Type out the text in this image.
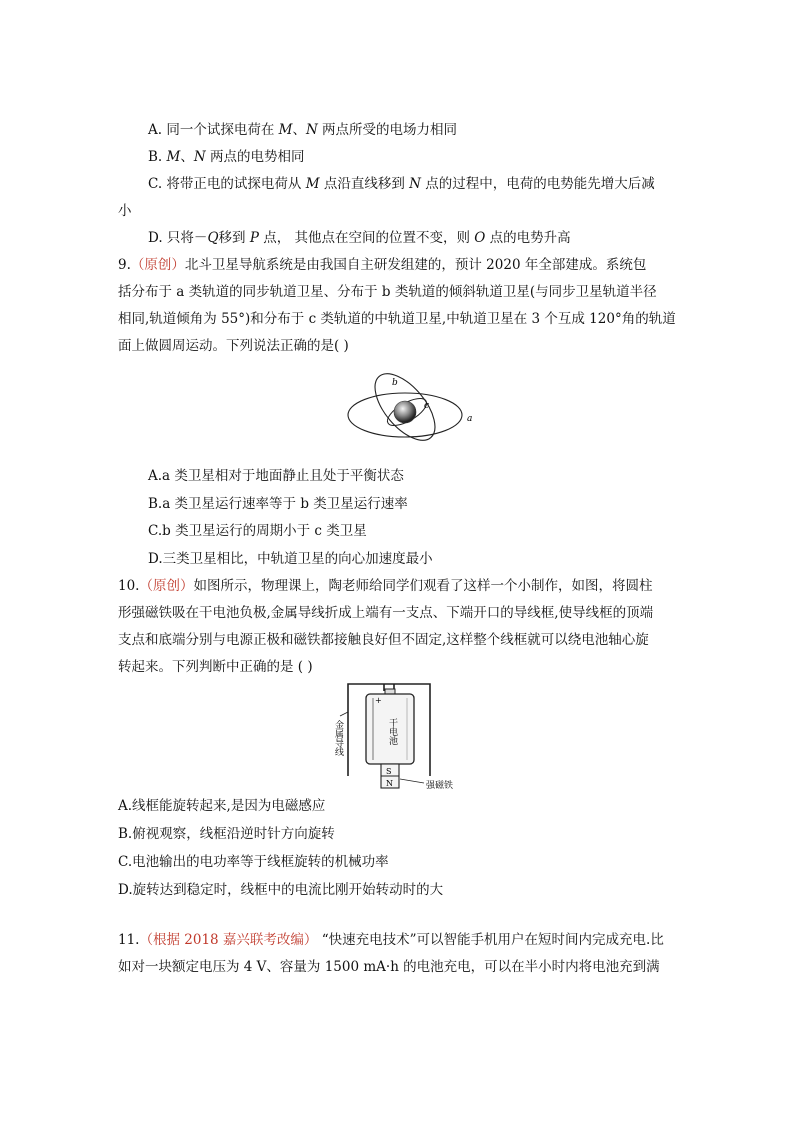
A. 同一个试探电荷在 M、N 两点所受的电场力相同
B. M、N 两点的电势相同
C. 将带正电的试探电荷从 M 点沿直线移到 N 点的过程中，电荷的电势能先增大后减
小
D. 只将－Q移到 P 点， 其他点在空间的位置不变，则 O 点的电势升高
9.（原创）北斗卫星导航系统是由我国自主研发组建的，预计 2020 年全部建成。系统包
括分布于 a 类轨道的同步轨道卫星、分布于 b 类轨道的倾斜轨道卫星(与同步卫星轨道半径
相同,轨道倾角为 55°)和分布于 c 类轨道的中轨道卫星,中轨道卫星在 3 个互成 120°角的轨道
面上做圆周运动。下列说法正确的是( )
b
c
a
A.a 类卫星相对于地面静止且处于平衡状态
B.a 类卫星运行速率等于 b 类卫星运行速率
C.b 类卫星运行的周期小于 c 类卫星
D.三类卫星相比，中轨道卫星的向心加速度最小
10.（原创）如图所示，物理课上，陶老师给同学们观看了这样一个小制作，如图，将圆柱
形强磁铁吸在干电池负极,金属导线折成上端有一支点、下端开口的导线框,使导线框的顶端
支点和底端分别与电源正极和磁铁都接触良好但不固定,这样整个线框就可以绕电池轴心旋
转起来。下列判断中正确的是 ( )
+
干电池
S
N
金属导线
强磁铁
A.线框能旋转起来,是因为电磁感应
B.俯视观察，线框沿逆时针方向旋转
C.电池输出的电功率等于线框旋转的机械功率
D.旋转达到稳定时，线框中的电流比刚开始转动时的大
11.（根据 2018 嘉兴联考改编） “快速充电技术”可以智能手机用户在短时间内完成充电.比
如对一块额定电压为 4 V、容量为 1500 mA·h 的电池充电，可以在半小时内将电池充到满
